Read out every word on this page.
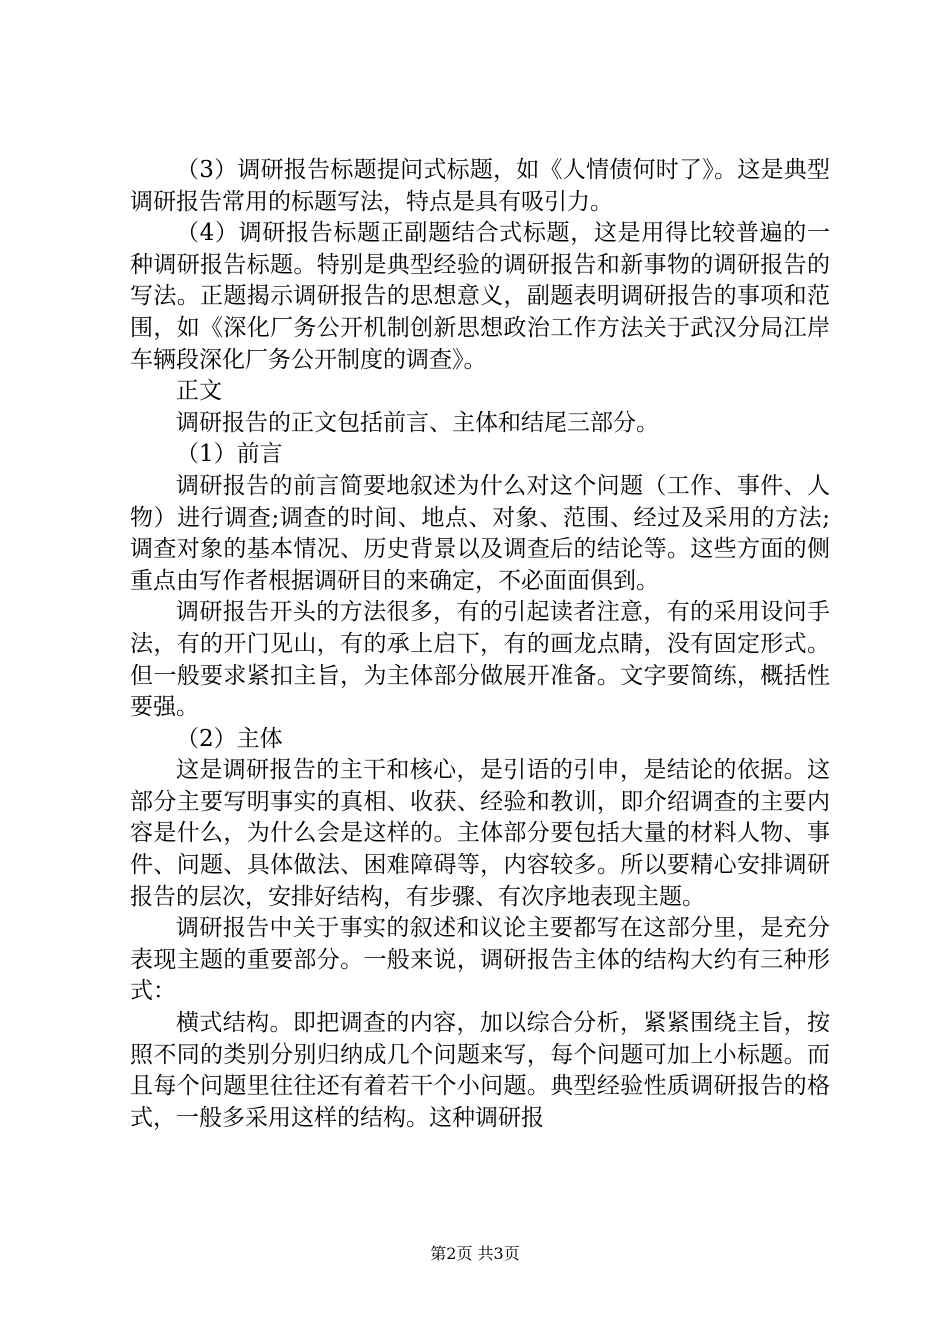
（3）调研报告标题提问式标题，如《人情债何时了》。这是典型调研报告常用的标题写法，特点是具有吸引力。

（4）调研报告标题正副题结合式标题，这是用得比较普遍的一种调研报告标题。特别是典型经验的调研报告和新事物的调研报告的写法。正题揭示调研报告的思想意义，副题表明调研报告的事项和范围，如《深化厂务公开机制创新思想政治工作方法关于武汉分局江岸车辆段深化厂务公开制度的调查》。

正文

调研报告的正文包括前言、主体和结尾三部分。

（1）前言

调研报告的前言简要地叙述为什么对这个问题（工作、事件、人物）进行调查;调查的时间、地点、对象、范围、经过及采用的方法;调查对象的基本情况、历史背景以及调查后的结论等。这些方面的侧重点由写作者根据调研目的来确定，不必面面俱到。

调研报告开头的方法很多，有的引起读者注意，有的采用设问手法，有的开门见山，有的承上启下，有的画龙点睛，没有固定形式。但一般要求紧扣主旨，为主体部分做展开准备。文字要简练，概括性要强。

（2）主体

这是调研报告的主干和核心，是引语的引申，是结论的依据。这部分主要写明事实的真相、收获、经验和教训，即介绍调查的主要内容是什么，为什么会是这样的。主体部分要包括大量的材料人物、事件、问题、具体做法、困难障碍等，内容较多。所以要精心安排调研报告的层次，安排好结构，有步骤、有次序地表现主题。

调研报告中关于事实的叙述和议论主要都写在这部分里，是充分表现主题的重要部分。一般来说，调研报告主体的结构大约有三种形式：

横式结构。即把调查的内容，加以综合分析，紧紧围绕主旨，按照不同的类别分别归纳成几个问题来写，每个问题可加上小标题。而且每个问题里往往还有着若干个小问题。典型经验性质调研报告的格式，一般多采用这样的结构。这种调研报

第2页 共3页
